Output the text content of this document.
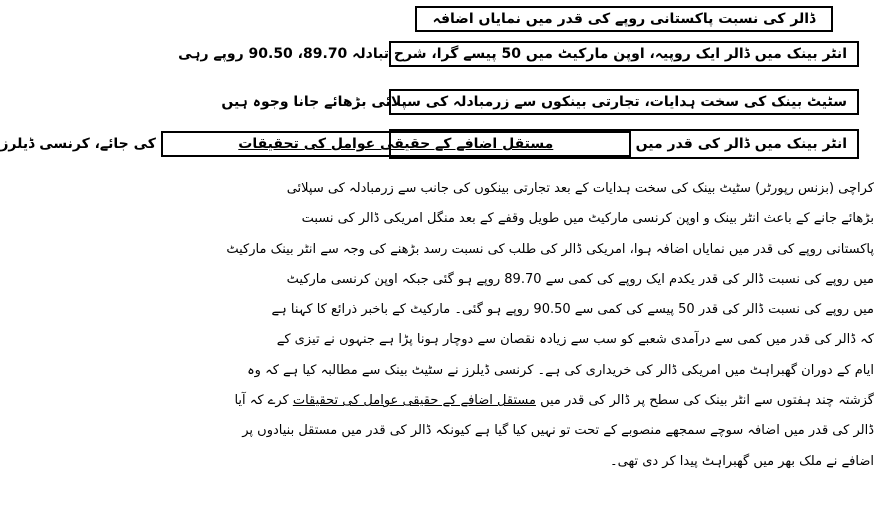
ڈالر کی نسبت پاکستانی روپے کی قدر میں نمایاں اضافہ
انٹر بینک میں ڈالر ایک روپیہ، اوپن مارکیٹ میں 50 پیسے گرا، شرح تبادلہ 89.70، 90.50 روپے رہی
سٹیٹ بینک کی سخت ہدایات، تجارتی بینکوں سے زرمبادلہ کی سپلائی بڑھائے جانا وجوہ ہیں
انٹر بینک میں ڈالر کی قدر میں مستقل اضافے کے حقیقی عوامل کی تحقیقات کی جائے، کرنسی ڈیلرز
کراچی (بزنس رپورٹر) سٹیٹ بینک کی سخت ہدایات کے بعد تجارتی بینکوں کی جانب سے زرمبادلہ کی سپلائی
بڑھائے جانے کے باعث انٹر بینک و اوپن کرنسی مارکیٹ میں طویل وقفے کے بعد منگل امریکی ڈالر کی نسبت
پاکستانی روپے کی قدر میں نمایاں اضافہ ہوا، امریکی ڈالر کی طلب کی نسبت رسد بڑھنے کی وجہ سے انٹر بینک مارکیٹ
میں روپے کی نسبت ڈالر کی قدر یکدم ایک روپے کی کمی سے 89.70 روپے ہو گئی جبکہ اوپن کرنسی مارکیٹ
میں روپے کی نسبت ڈالر کی قدر 50 پیسے کی کمی سے 90.50 روپے ہو گئی۔ مارکیٹ کے باخبر ذرائع کا کہنا ہے
کہ ڈالر کی قدر میں کمی سے درآمدی شعبے کو سب سے زیادہ نقصان سے دوچار ہونا پڑا ہے جنہوں نے تیزی کے
ایام کے دوران گھبراہٹ میں امریکی ڈالر کی خریداری کی ہے۔ کرنسی ڈیلرز نے سٹیٹ بینک سے مطالبہ کیا ہے کہ وہ
گزشتہ چند ہفتوں سے انٹر بینک کی سطح پر ڈالر کی قدر میں مستقل اضافے کے حقیقی عوامل کی تحقیقات کرے کہ آیا
ڈالر کی قدر میں اضافہ سوچے سمجھے منصوبے کے تحت تو نہیں کیا گیا ہے کیونکہ ڈالر کی قدر میں مستقل بنیادوں پر
اضافے نے ملک بھر میں گھبراہٹ پیدا کر دی تھی۔
